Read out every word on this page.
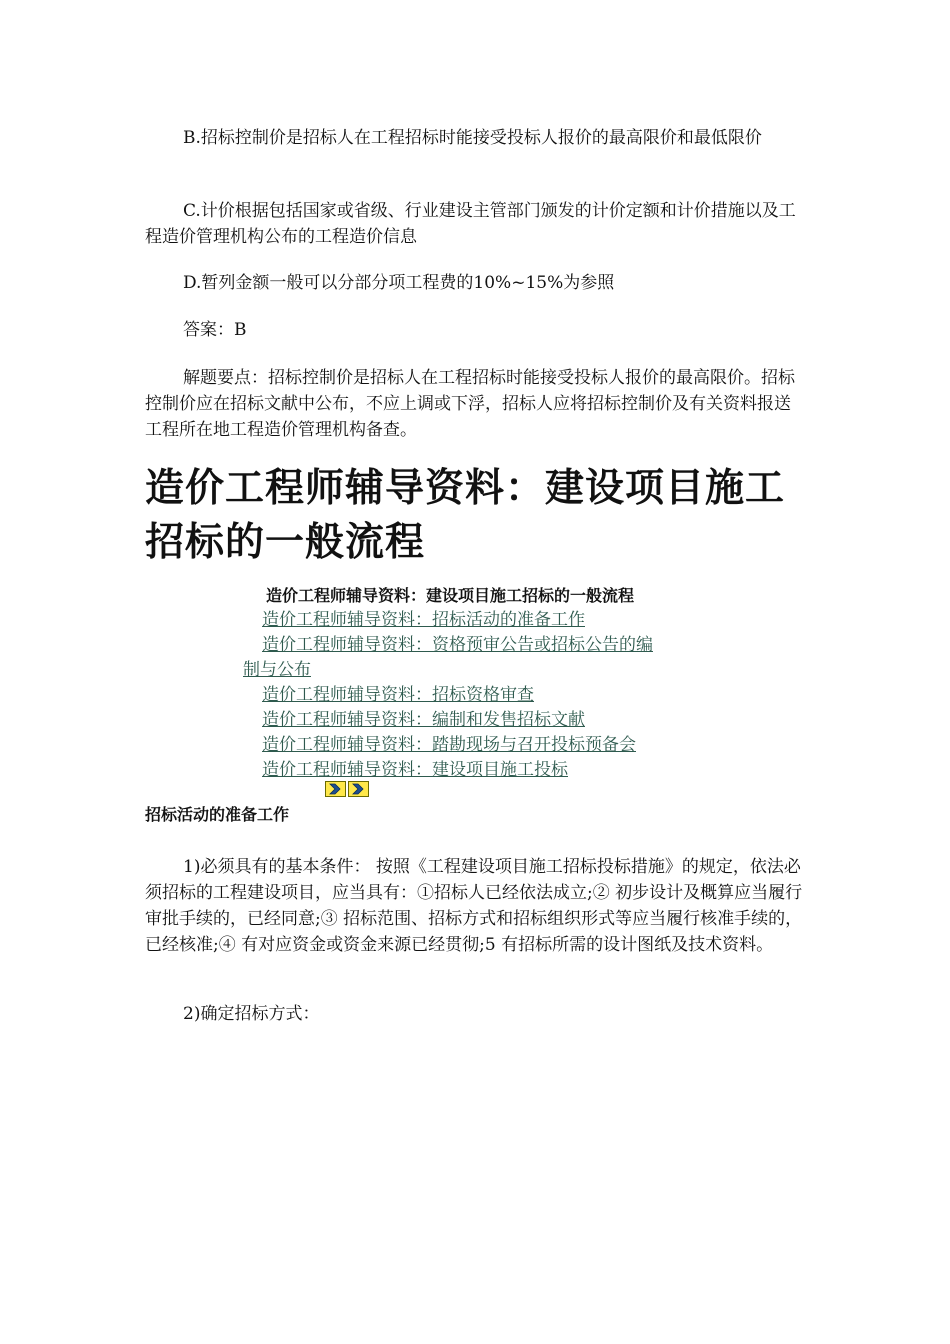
B.招标控制价是招标人在工程招标时能接受投标人报价的最高限价和最低限价

C.计价根据包括国家或省级、行业建设主管部门颁发的计价定额和计价措施以及工程造价管理机构公布的工程造价信息

D.暂列金额一般可以分部分项工程费的10%~15%为参照

答案：B

解题要点：招标控制价是招标人在工程招标时能接受投标人报价的最高限价。招标控制价应在招标文献中公布，不应上调或下浮，招标人应将招标控制价及有关资料报送工程所在地工程造价管理机构备查。

造价工程师辅导资料：建设项目施工招标的一般流程
造价工程师辅导资料：建设项目施工招标的一般流程
造价工程师辅导资料：招标活动的准备工作
造价工程师辅导资料：资格预审公告或招标公告的编
制与公布
造价工程师辅导资料：招标资格审查
造价工程师辅导资料：编制和发售招标文献
造价工程师辅导资料：踏勘现场与召开投标预备会
造价工程师辅导资料：建设项目施工投标
招标活动的准备工作

1)必须具有的基本条件： 按照《工程建设项目施工招标投标措施》的规定，依法必须招标的工程建设项目，应当具有：①招标人已经依法成立;② 初步设计及概算应当履行审批手续的，已经同意;③ 招标范围、招标方式和招标组织形式等应当履行核准手续的，已经核准;④ 有对应资金或资金来源已经贯彻;5 有招标所需的设计图纸及技术资料。

2)确定招标方式：
